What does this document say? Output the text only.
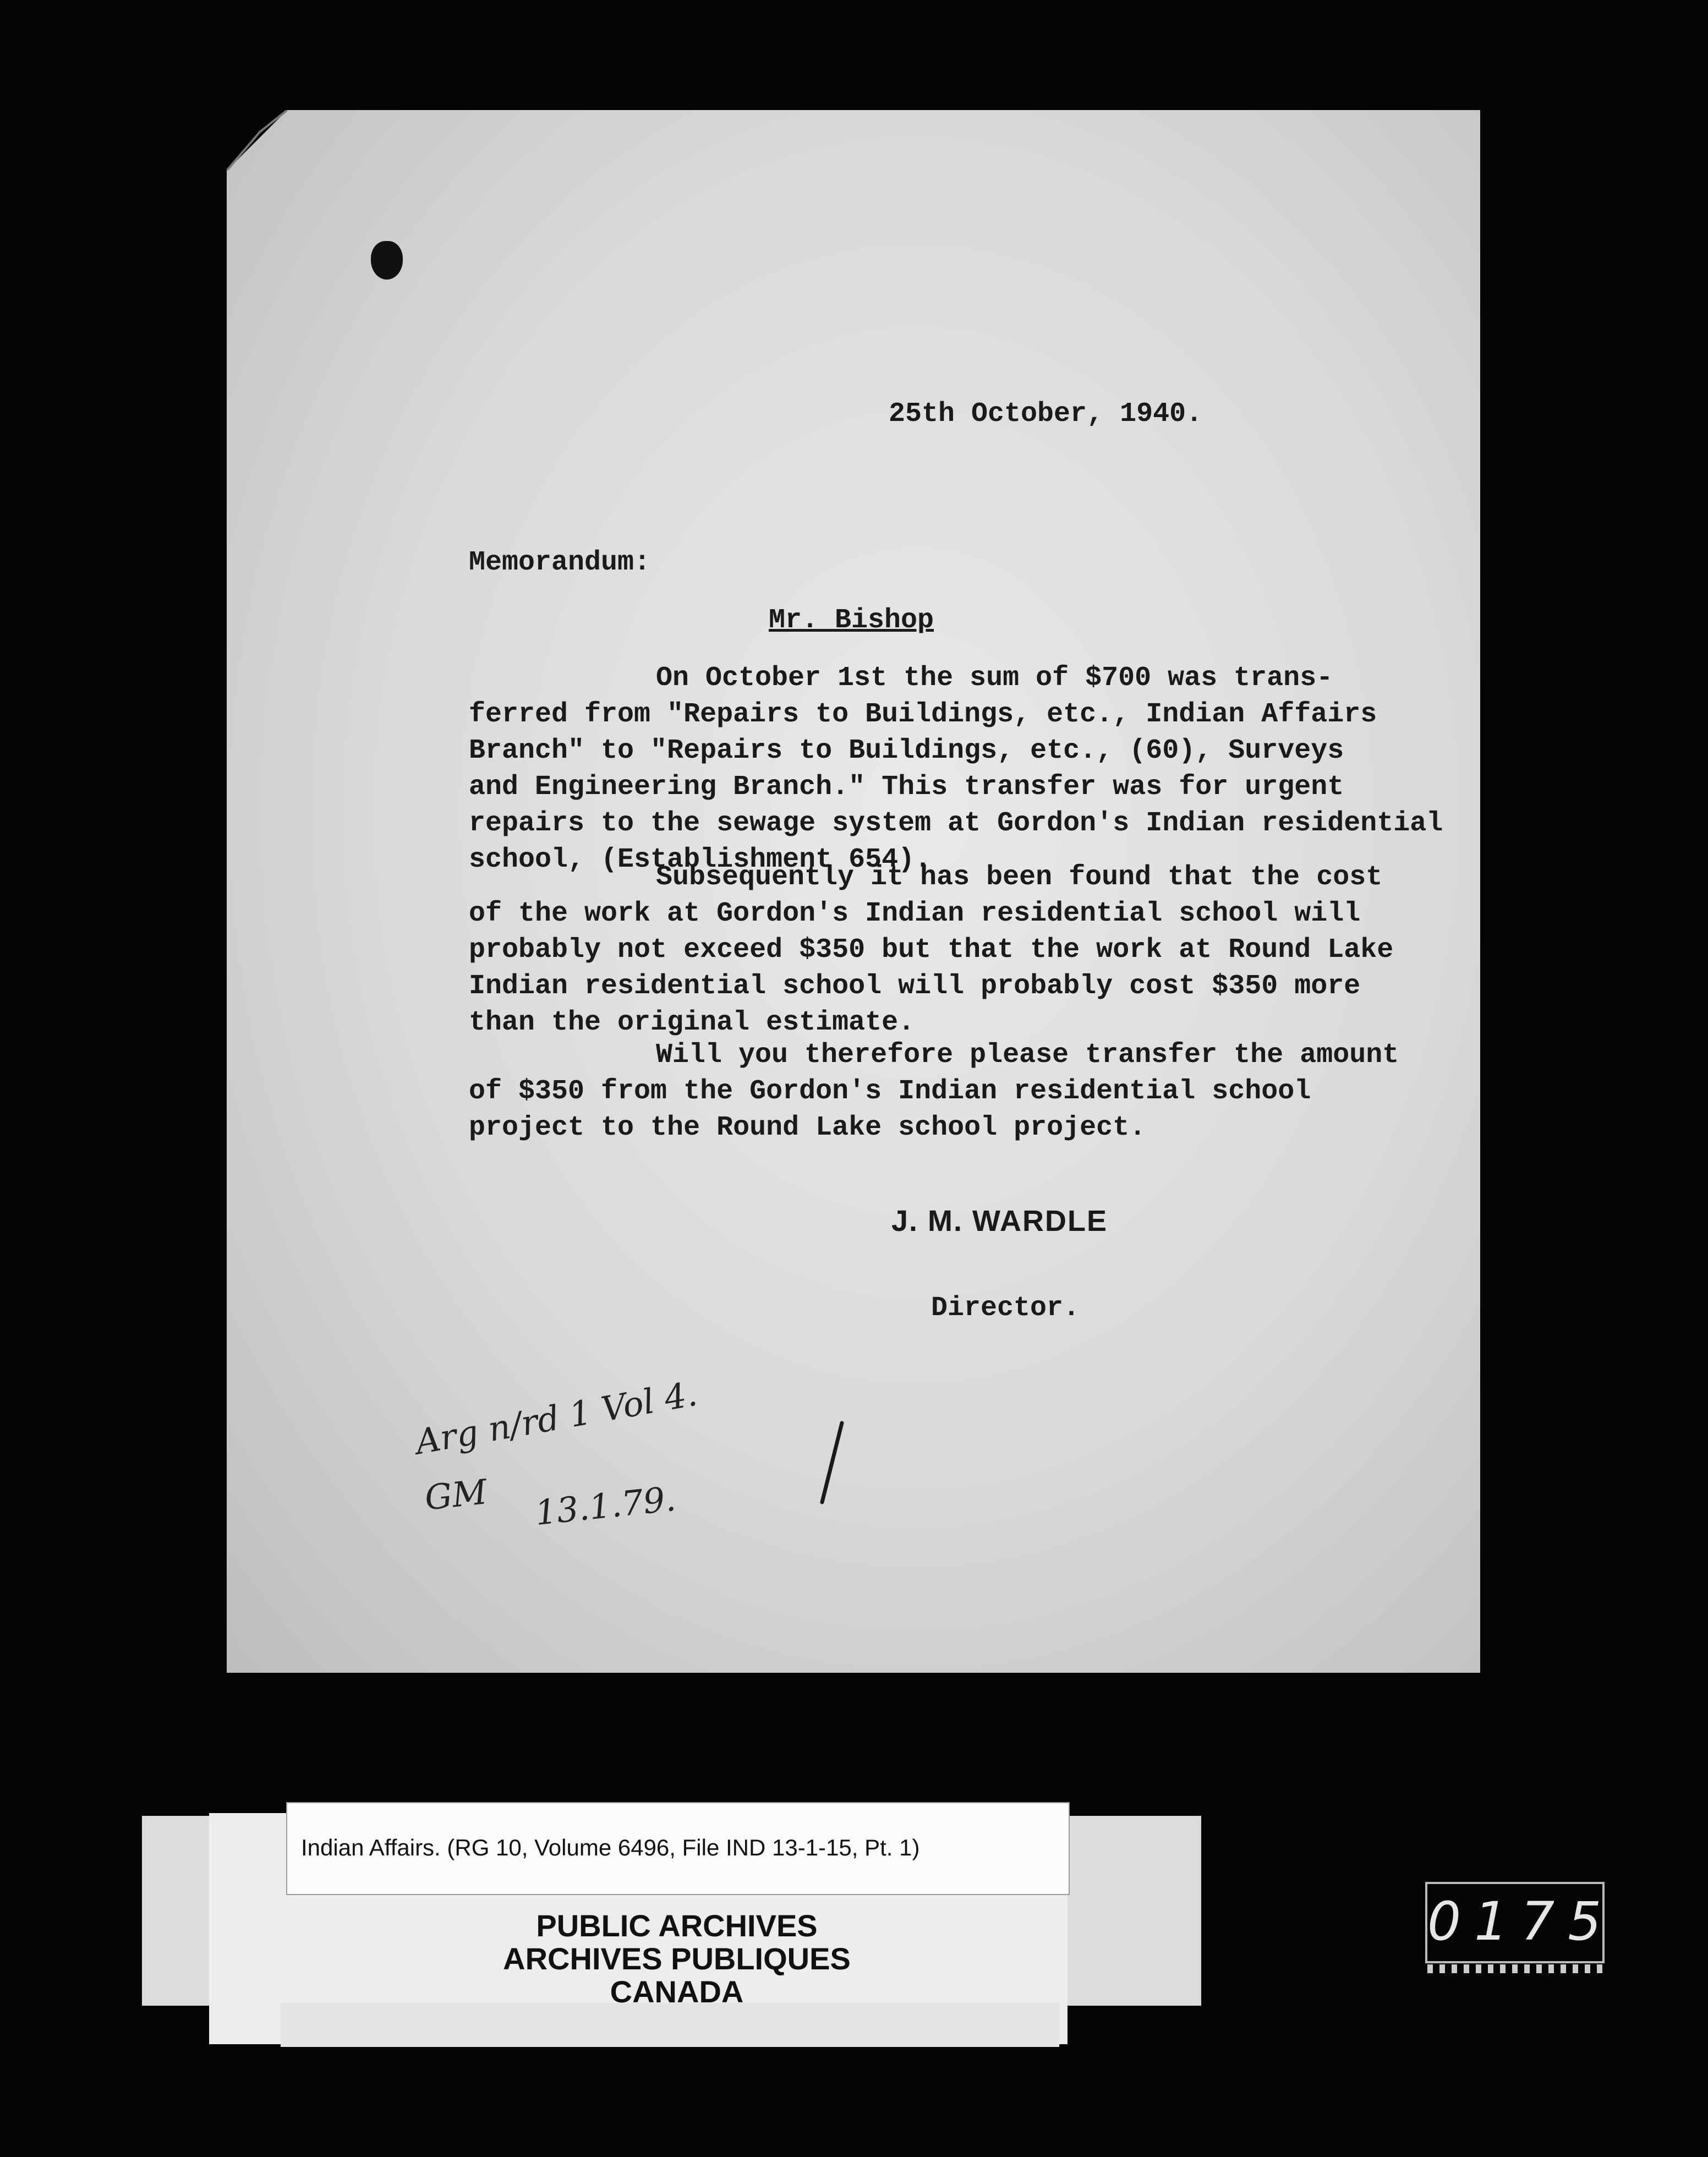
25th October, 1940.
Memorandum:
Mr. Bishop
On October 1st the sum of $700 was trans-
ferred from "Repairs to Buildings, etc., Indian Affairs
Branch" to "Repairs to Buildings, etc., (60), Surveys
and Engineering Branch." This transfer was for urgent
repairs to the sewage system at Gordon's Indian residential
school, (Establishment 654).
Subsequently it has been found that the cost
of the work at Gordon's Indian residential school will
probably not exceed $350 but that the work at Round Lake
Indian residential school will probably cost $350 more
than the original estimate.
Will you therefore please transfer the amount
of $350 from the Gordon's Indian residential school
project to the Round Lake school project.
J. M. WARDLE
Director.
Arg n/rd 1 Vol 4.
GM 13.1.79.
Indian Affairs. (RG 10, Volume 6496, File IND 13-1-15, Pt. 1)
PUBLIC ARCHIVES
ARCHIVES PUBLIQUES
CANADA
0175
